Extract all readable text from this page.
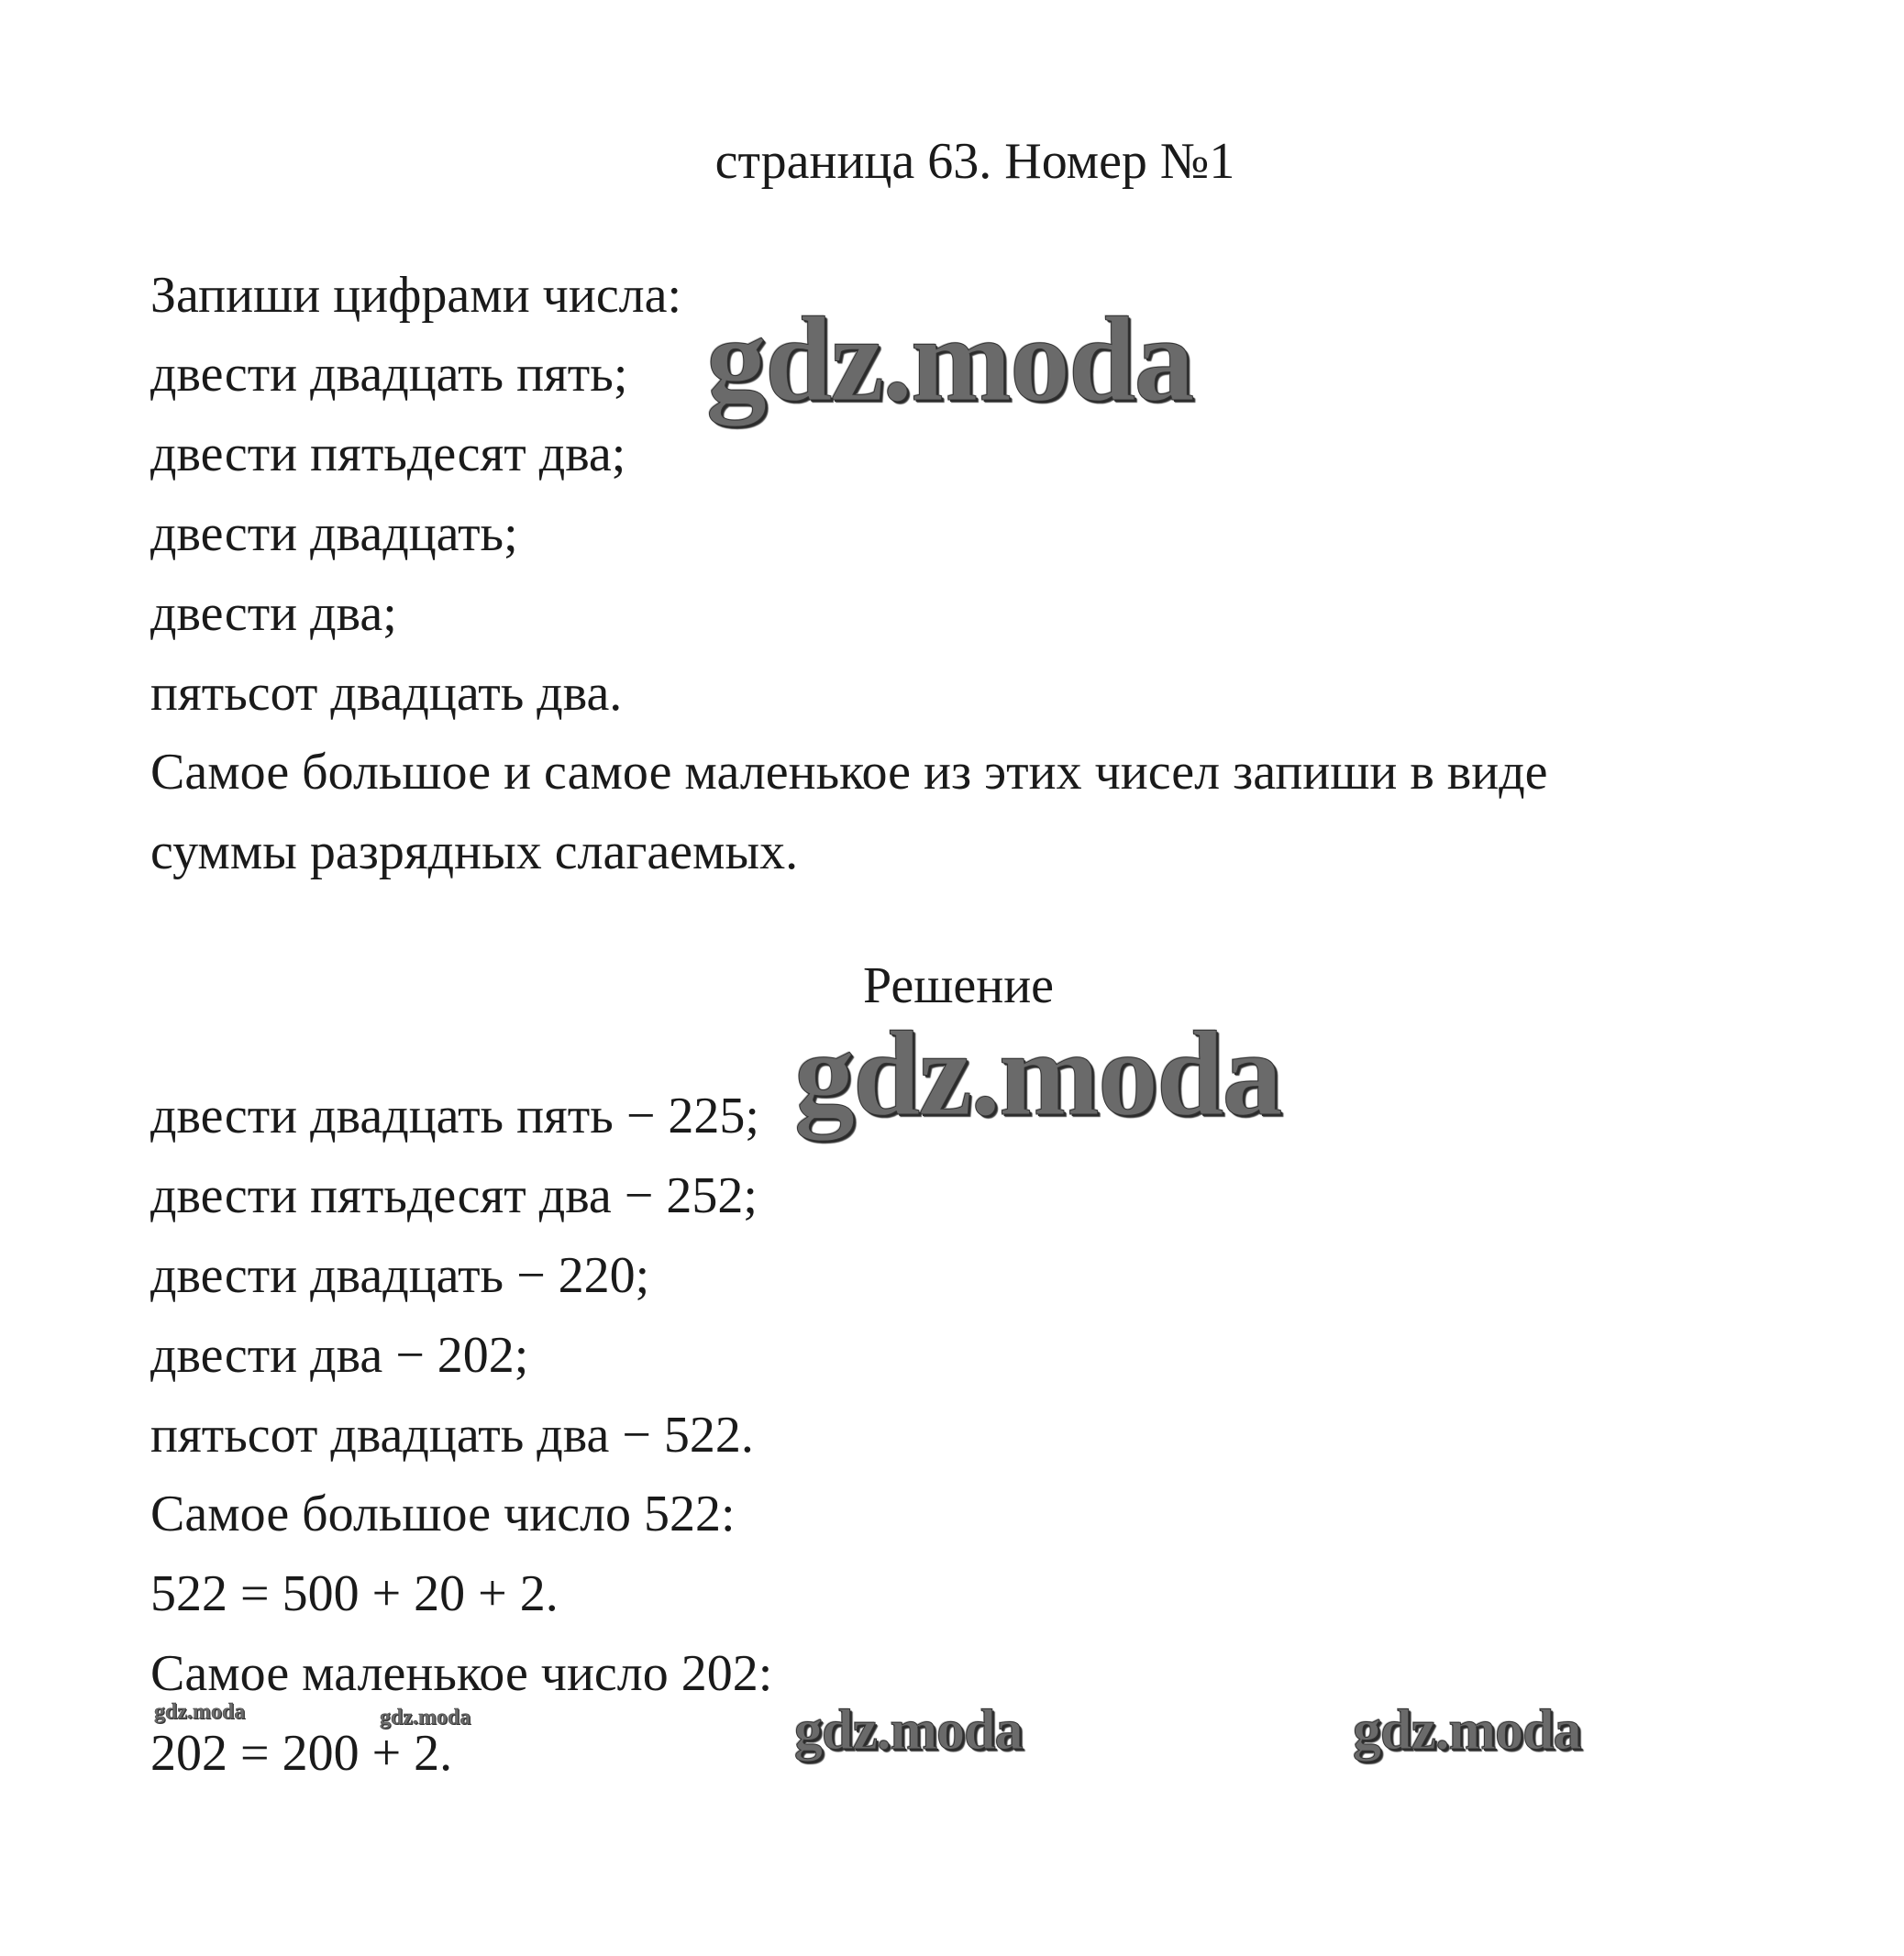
страница 63. Номер №1
Запиши цифрами числа:
двести двадцать пять;
двести пятьдесят два;
двести двадцать;
двести два;
пятьсот двадцать два.
Самое большое и самое маленькое из этих чисел запиши в виде
суммы разрядных слагаемых.
Решение
двести двадцать пять − 225;
двести пятьдесят два − 252;
двести двадцать − 220;
двести два − 202;
пятьсот двадцать два − 522.
Самое большое число 522:
522 = 500 + 20 + 2.
Самое маленькое число 202:
202 = 200 + 2.
gdz.moda
gdz.moda
gdz.moda	gdz.moda
gdz.moda	gdz.moda
